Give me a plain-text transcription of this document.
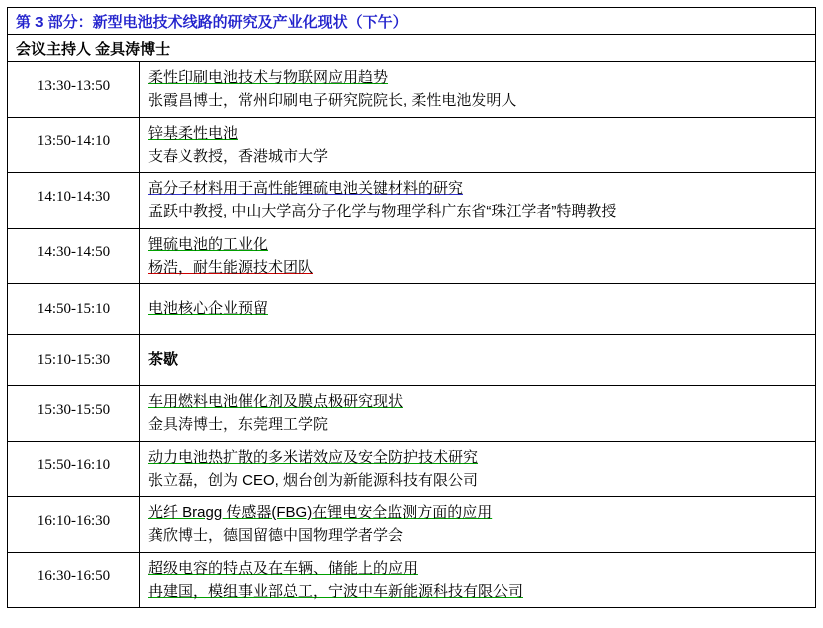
第 3 部分：新型电池技术线路的研究及产业化现状（下午）	
会议主持人 金具涛博士	
13:30-13:50	柔性印刷电池技术与物联网应用趋势
张霞昌博士，常州印刷电子研究院院长, 柔性电池发明人

13:50-14:10	锌基柔性电池
支春义教授，香港城市大学

14:10-14:30	高分子材料用于高性能锂硫电池关键材料的研究
孟跃中教授, 中山大学高分子化学与物理学科广东省“珠江学者”特聘教授

14:30-14:50	锂硫电池的工业化
杨浩，耐生能源技术团队

14:50-15:10	电池核心企业预留

15:10-15:30	茶歇

15:30-15:50	车用燃料电池催化剂及膜点极研究现状
金具涛博士，东莞理工学院

15:50-16:10	动力电池热扩散的多米诺效应及安全防护技术研究
张立磊，创为 CEO, 烟台创为新能源科技有限公司

16:10-16:30	光纤 Bragg 传感器(FBG)在锂电安全监测方面的应用
龚欣博士，德国留德中国物理学者学会

16:30-16:50	超级电容的特点及在车辆、储能上的应用
冉建国，模组事业部总工，宁波中车新能源科技有限公司
